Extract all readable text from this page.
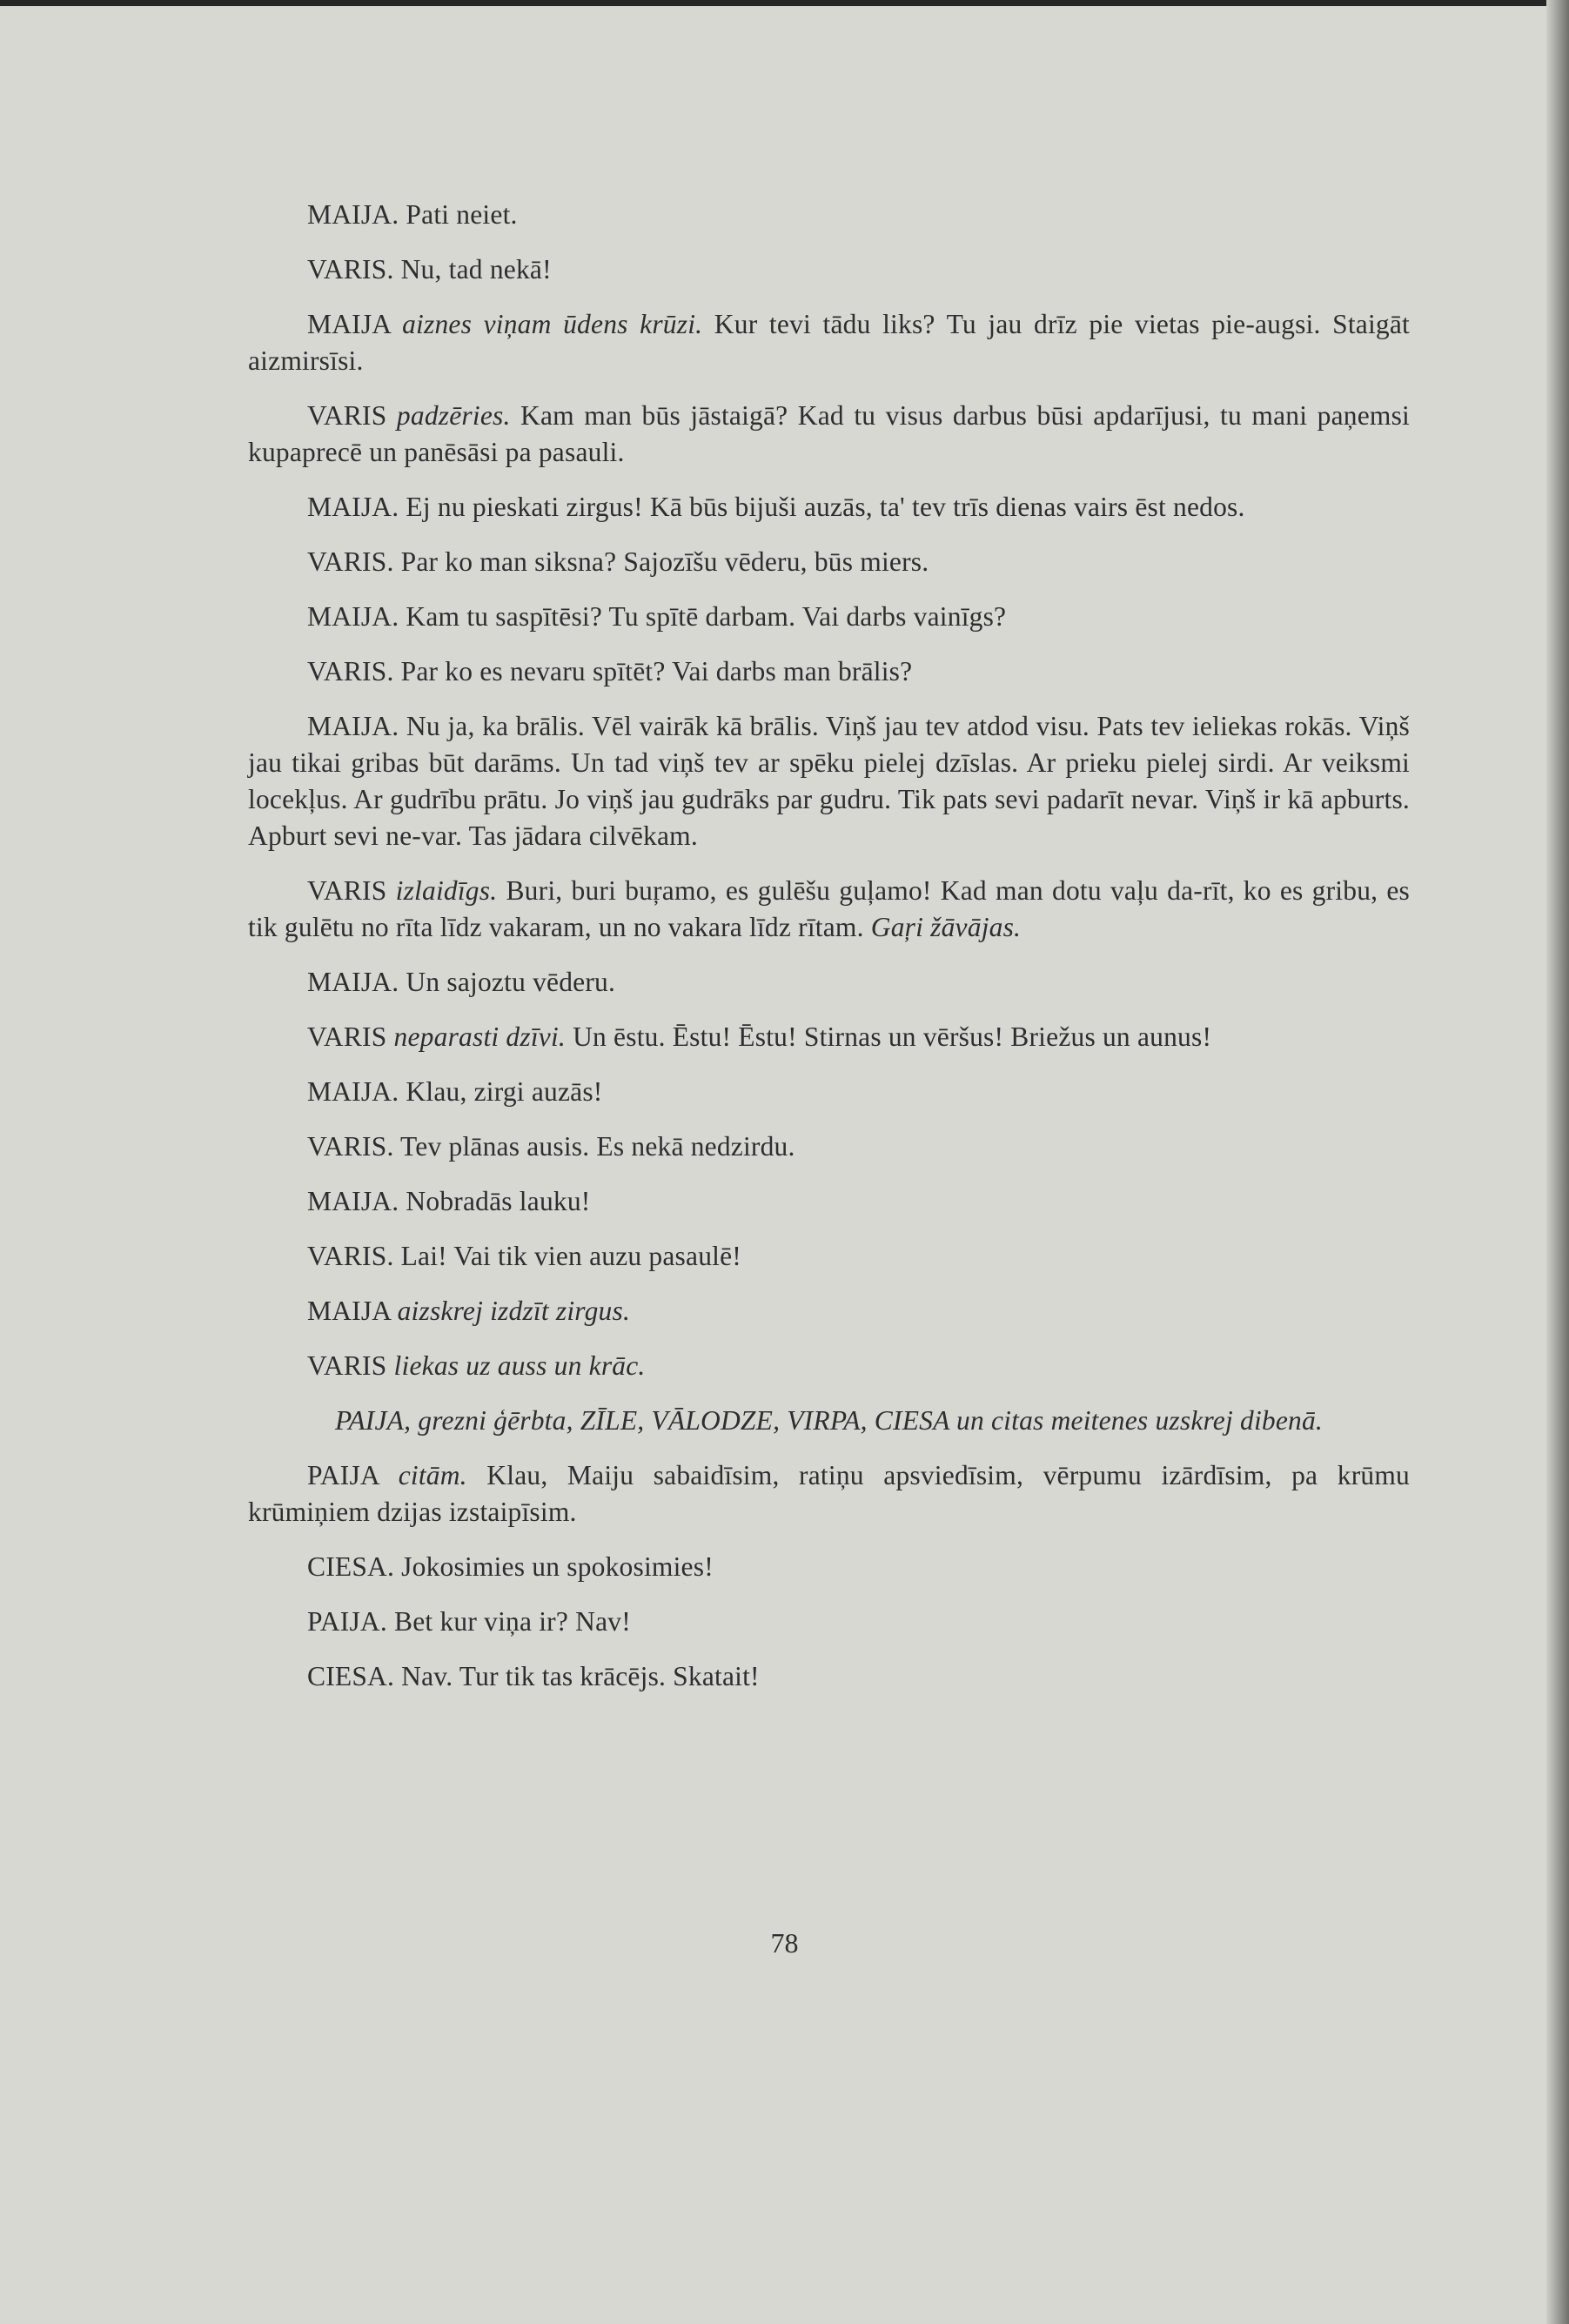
MAIJA. Pati neiet.

VARIS. Nu, tad nekā!

MAIJA aiznes viņam ūdens krūzi. Kur tevi tādu liks? Tu jau drīz pie vietas pie-augsi. Staigāt aizmirsīsi.

VARIS padzēries. Kam man būs jāstaigā? Kad tu visus darbus būsi apdarījusi, tu mani paņemsi kupaprecē un panēsāsi pa pasauli.

MAIJA. Ej nu pieskati zirgus! Kā būs bijuši auzās, ta' tev trīs dienas vairs ēst nedos.

VARIS. Par ko man siksna? Sajozīšu vēderu, būs miers.

MAIJA. Kam tu saspītēsi? Tu spītē darbam. Vai darbs vainīgs?

VARIS. Par ko es nevaru spītēt? Vai darbs man brālis?

MAIJA. Nu ja, ka brālis. Vēl vairāk kā brālis. Viņš jau tev atdod visu. Pats tev ieliekas rokās. Viņš jau tikai gribas būt darāms. Un tad viņš tev ar spēku pielej dzīslas. Ar prieku pielej sirdi. Ar veiksmi locekļus. Ar gudrību prātu. Jo viņš jau gudrāks par gudru. Tik pats sevi padarīt nevar. Viņš ir kā apburts. Apburt sevi ne-var. Tas jādara cilvēkam.

VARIS izlaidīgs. Buri, buri buŗamo, es gulēšu guļamo! Kad man dotu vaļu da-rīt, ko es gribu, es tik gulētu no rīta līdz vakaram, un no vakara līdz rītam. Gaŗi žāvājas.

MAIJA. Un sajoztu vēderu.

VARIS neparasti dzīvi. Un ēstu. Ēstu! Ēstu! Stirnas un vēršus! Briežus un aunus!

MAIJA. Klau, zirgi auzās!

VARIS. Tev plānas ausis. Es nekā nedzirdu.

MAIJA. Nobradās lauku!

VARIS. Lai! Vai tik vien auzu pasaulē!

MAIJA aizskrej izdzīt zirgus.

VARIS liekas uz auss un krāc.

PAIJA, grezni ģērbta, ZĪLE, VĀLODZE, VIRPA, CIESA un citas meitenes uzskrej dibenā.

PAIJA citām. Klau, Maiju sabaidīsim, ratiņu apsviedīsim, vērpumu izārdīsim, pa krūmu krūmiņiem dzijas izstaipīsim.

CIESA. Jokosimies un spokosimies!

PAIJA. Bet kur viņa ir? Nav!

CIESA. Nav. Tur tik tas krācējs. Skatait!

78
